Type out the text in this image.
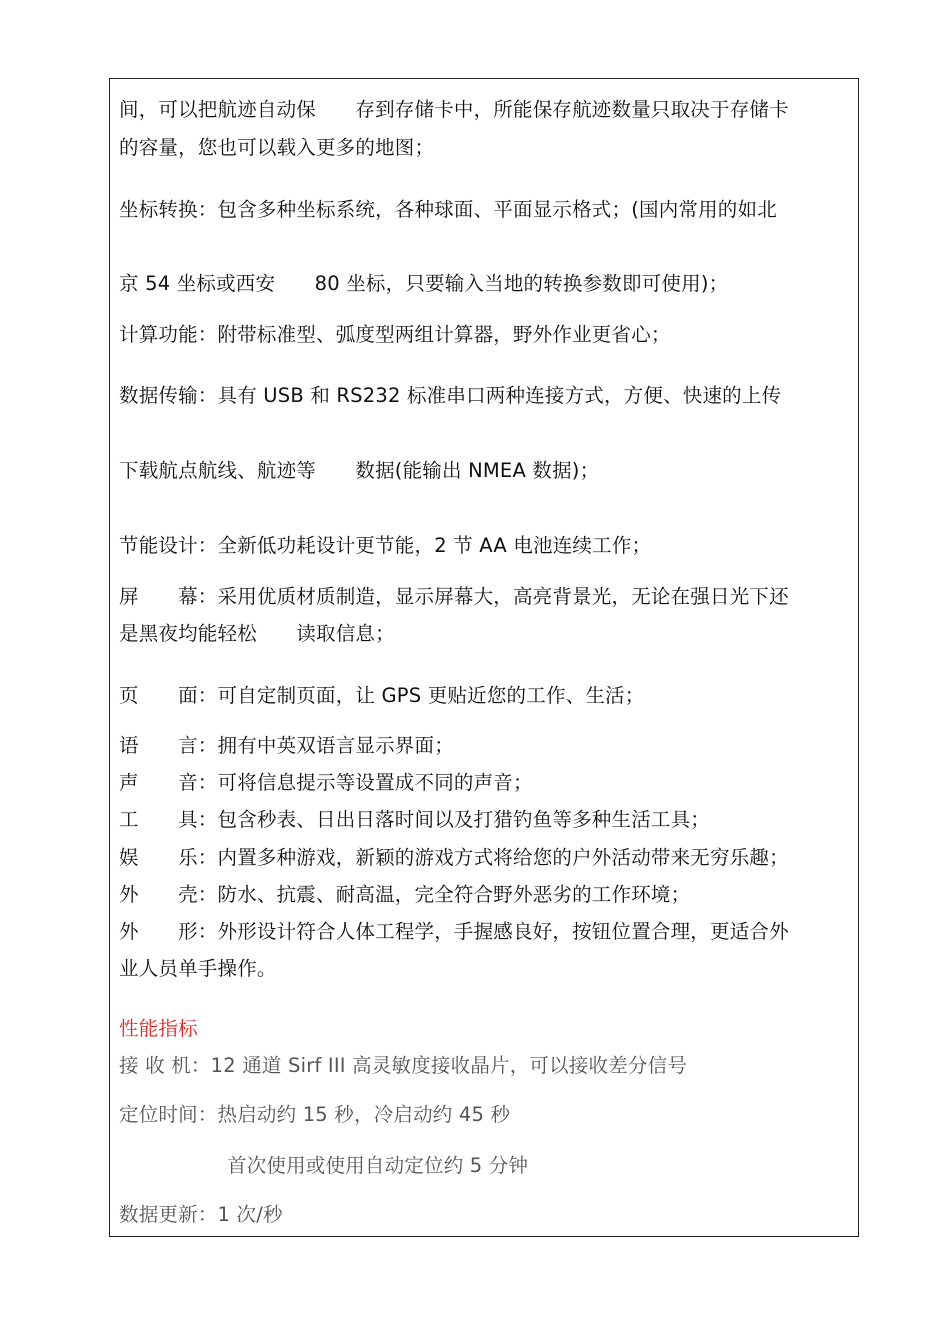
间，可以把航迹自动保　　存到存储卡中，所能保存航迹数量只取决于存储卡
的容量，您也可以载入更多的地图；
坐标转换：包含多种坐标系统，各种球面、平面显示格式；(国内常用的如北
京 54 坐标或西安　　80 坐标，只要输入当地的转换参数即可使用)；
计算功能：附带标准型、弧度型两组计算器，野外作业更省心；
数据传输：具有 USB 和 RS232 标准串口两种连接方式，方便、快速的上传
下载航点航线、航迹等　　数据(能输出 NMEA 数据)；
节能设计：全新低功耗设计更节能，2 节 AA 电池连续工作；
屏　　幕：采用优质材质制造，显示屏幕大，高亮背景光，无论在强日光下还
是黑夜均能轻松　　读取信息；
页　　面：可自定制页面，让 GPS 更贴近您的工作、生活；
语　　言：拥有中英双语言显示界面；
声　　音：可将信息提示等设置成不同的声音；
工　　具：包含秒表、日出日落时间以及打猎钓鱼等多种生活工具；
娱　　乐：内置多种游戏，新颖的游戏方式将给您的户外活动带来无穷乐趣；
外　　壳：防水、抗震、耐高温，完全符合野外恶劣的工作环境；
外　　形：外形设计符合人体工程学，手握感良好，按钮位置合理，更适合外
业人员单手操作。
性能指标
接 收 机：12 通道 Sirf III 高灵敏度接收晶片，可以接收差分信号
定位时间：热启动约 15 秒，冷启动约 45 秒
首次使用或使用自动定位约 5 分钟
数据更新：1 次/秒
